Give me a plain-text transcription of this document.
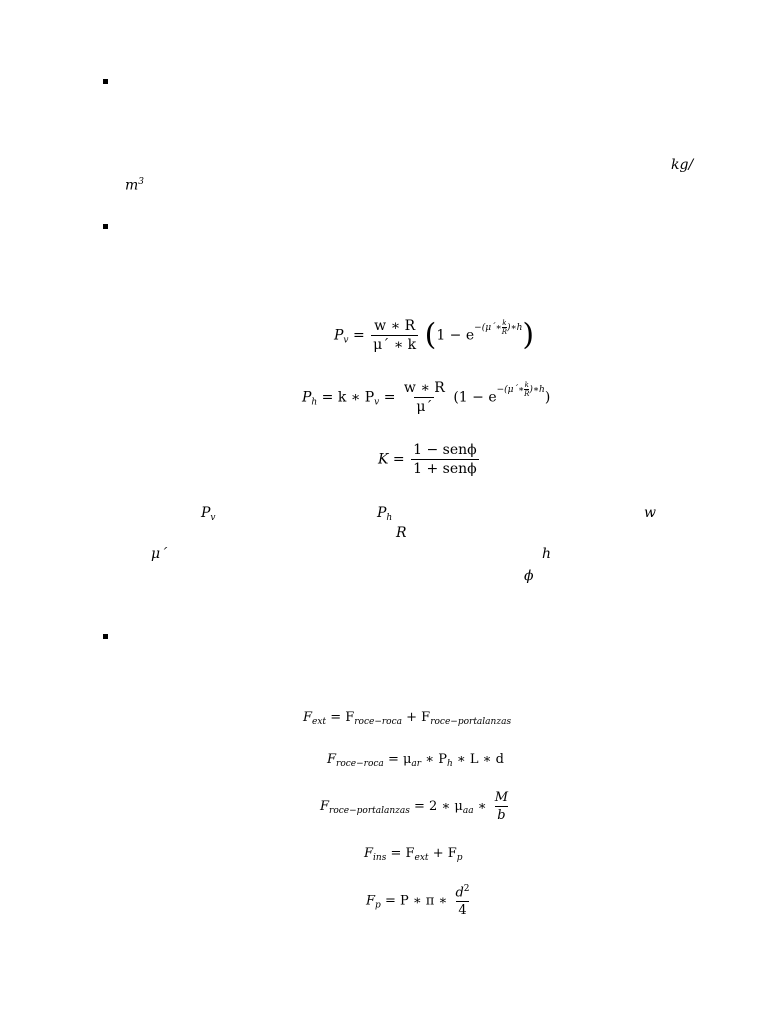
kg/
$m^3$
$P_v = \frac{w ∗ R}{\mu´ ∗ k} (1 - e^{-(\mu´∗ \frac{k}{R} )∗h})$
$P_h = k$ ∗ $P_v = \frac{w ∗ R}{\mu´} (1 - e^{-(\mu´∗ \frac{k}{R} )∗h})$
$K = \frac{\text{1 − senϕ}}{\text{1 + senϕ}}$
$P_v$	$P_h$	w
R
μ´	h
ϕ
$F_{ext} = F_{roce-roca} + F_{roce-portalanzas}$
$F_{roce-roca} = \mu_{ar}$ ∗ $P_h$ ∗ L ∗ d
$F_{roce-portalanzas} = 2$ ∗ $\mu_{aa}$ ∗ $\frac{M}{b}$
$F_{ins} = F_{ext} + F_p$
$F_p = P$ ∗ π ∗ $\frac{d^2}{4}$
